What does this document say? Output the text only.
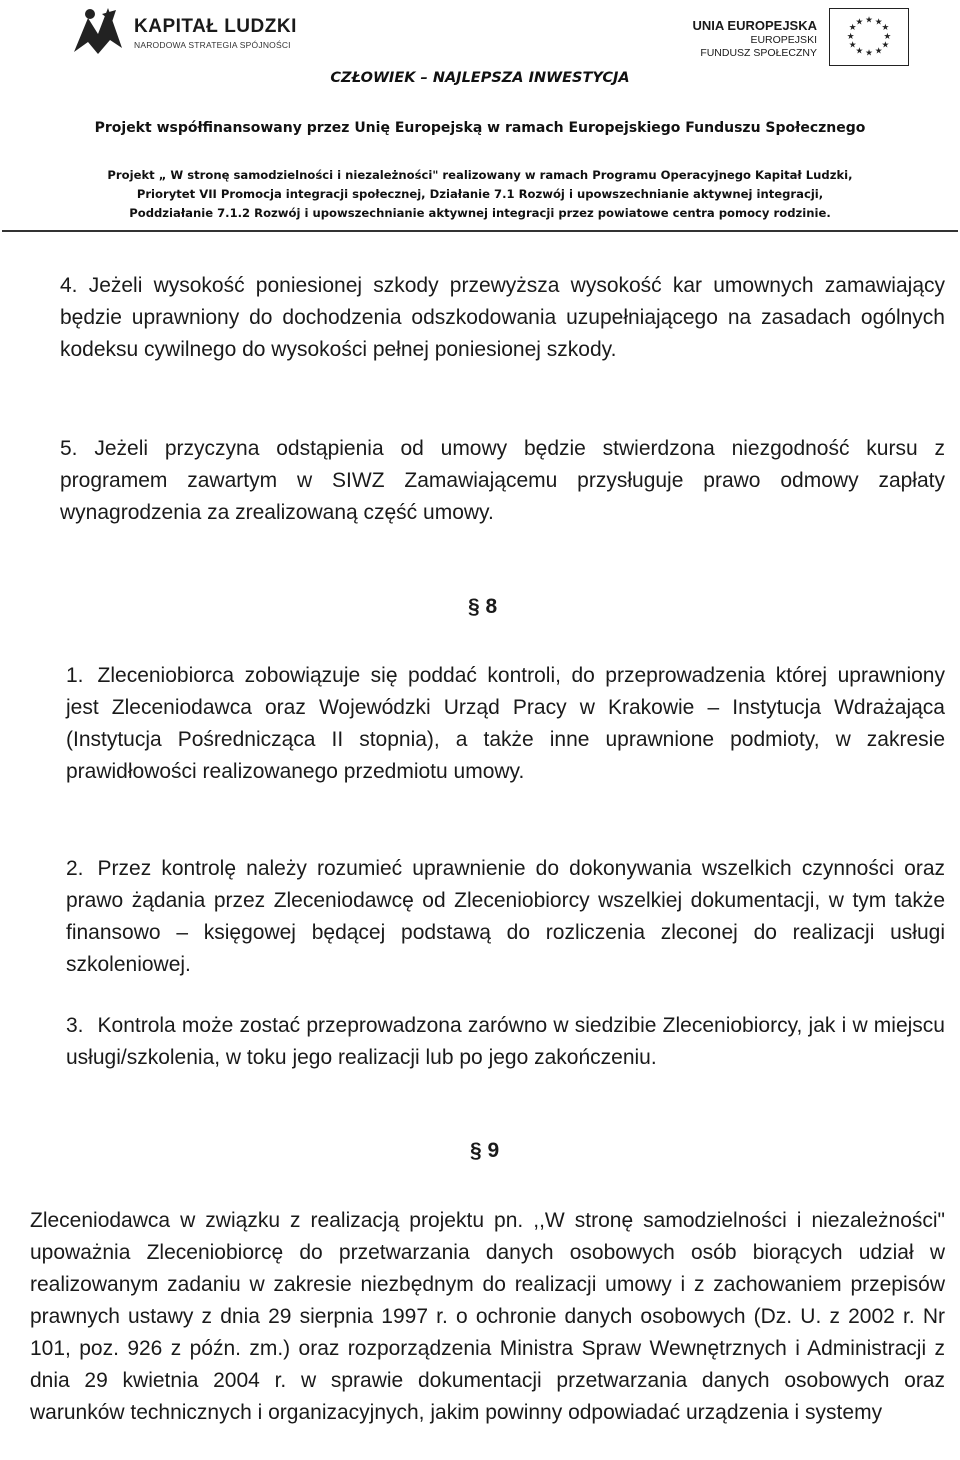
KAPITAŁ LUDZKI
NARODOWA STRATEGIA SPÓJNOŚCI
UNIA EUROPEJSKA
EUROPEJSKI
FUNDUSZ SPOŁECZNY
★ ★
★
★
★
★
★
★
★
★
★
★
CZŁOWIEK – NAJLEPSZA INWESTYCJA
Projekt współfinansowany przez Unię Europejską w ramach Europejskiego Funduszu Społecznego
Projekt „ W stronę samodzielności i niezależności" realizowany w ramach Programu Operacyjnego Kapitał Ludzki,
Priorytet VII Promocja integracji społecznej, Działanie 7.1 Rozwój i upowszechnianie aktywnej integracji,
Poddziałanie 7.1.2 Rozwój i upowszechnianie aktywnej integracji przez powiatowe centra pomocy rodzinie.
4. Jeżeli wysokość poniesionej szkody przewyższa wysokość kar umownych zamawiający będzie uprawniony do dochodzenia odszkodowania uzupełniającego na zasadach ogólnych kodeksu cywilnego do wysokości pełnej poniesionej szkody.
5. Jeżeli przyczyna odstąpienia od umowy będzie stwierdzona niezgodność kursu z programem zawartym w SIWZ Zamawiającemu przysługuje prawo odmowy zapłaty wynagrodzenia za zrealizowaną część umowy.
§ 8
1. Zleceniobiorca zobowiązuje się poddać kontroli, do przeprowadzenia której uprawniony jest Zleceniodawca oraz Wojewódzki Urząd Pracy w Krakowie – Instytucja Wdrażająca (Instytucja Pośrednicząca II stopnia), a także inne uprawnione podmioty, w zakresie prawidłowości realizowanego przedmiotu umowy.
2. Przez kontrolę należy rozumieć uprawnienie do dokonywania wszelkich czynności oraz prawo żądania przez Zleceniodawcę od Zleceniobiorcy wszelkiej dokumentacji, w tym także finansowo – księgowej będącej podstawą do rozliczenia zleconej do realizacji usługi szkoleniowej.
3. Kontrola może zostać przeprowadzona zarówno w siedzibie Zleceniobiorcy, jak i w miejscu usługi/szkolenia, w toku jego realizacji lub po jego zakończeniu.
§ 9
Zleceniodawca w związku z realizacją projektu pn. ,,W stronę samodzielności i niezależności" upoważnia Zleceniobiorcę do przetwarzania danych osobowych osób biorących udział w realizowanym zadaniu w zakresie niezbędnym do realizacji umowy i z zachowaniem przepisów prawnych ustawy z dnia 29 sierpnia 1997 r. o ochronie danych osobowych (Dz. U. z 2002 r. Nr 101, poz. 926 z późn. zm.) oraz rozporządzenia Ministra Spraw Wewnętrznych i Administracji z dnia 29 kwietnia 2004 r. w sprawie dokumentacji przetwarzania danych osobowych oraz warunków technicznych i organizacyjnych, jakim powinny odpowiadać urządzenia i systemy
